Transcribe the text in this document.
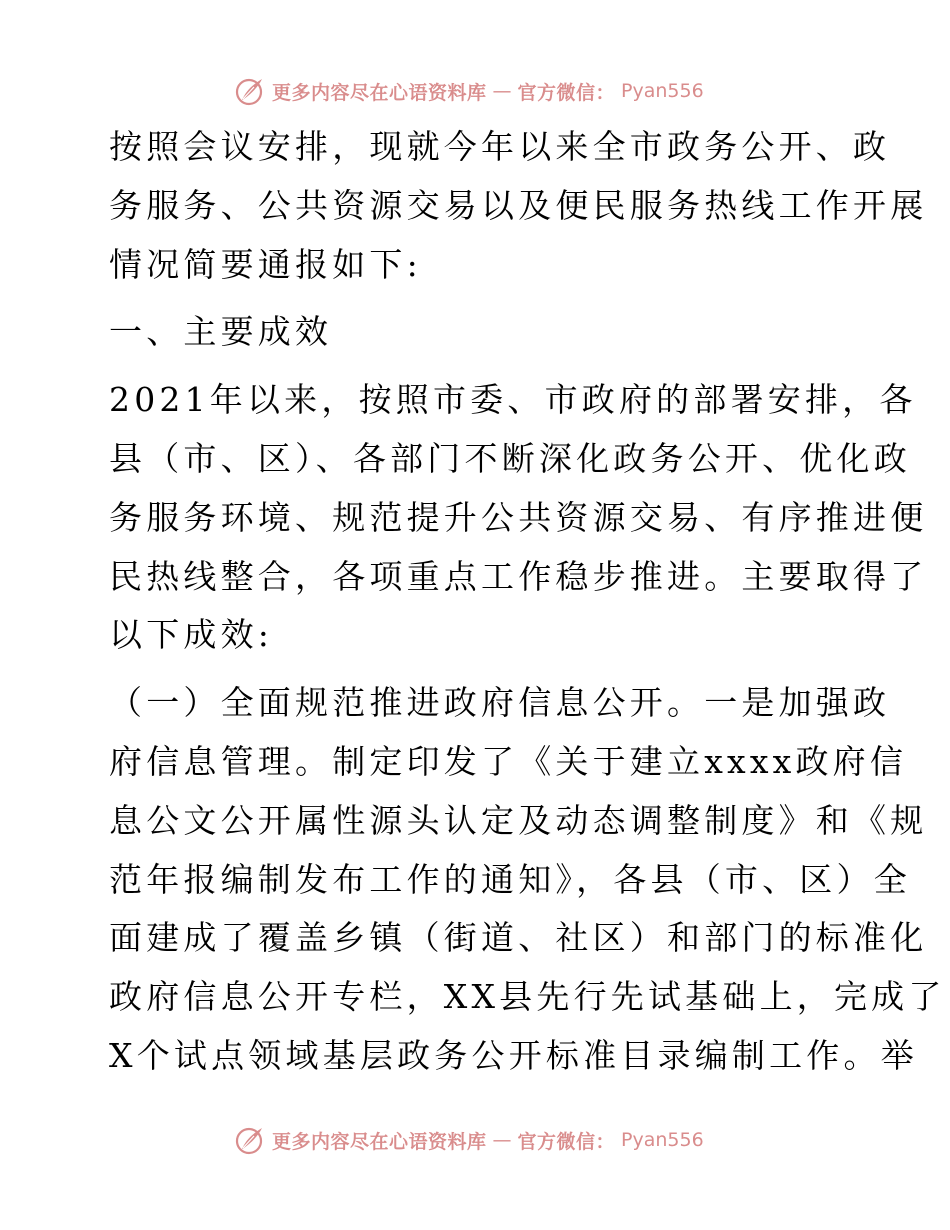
更多内容尽在心语资料库 — 官方微信： Pyan556

按照会议安排，现就今年以来全市政务公开、政
务服务、公共资源交易以及便民服务热线工作开展
情况简要通报如下:

一、主要成效

2021年以来，按照市委、市政府的部署安排，各
县（市、区）、各部门不断深化政务公开、优化政
务服务环境、规范提升公共资源交易、有序推进便
民热线整合，各项重点工作稳步推进。主要取得了
以下成效:

（一）全面规范推进政府信息公开。一是加强政
府信息管理。制定印发了《关于建立xxxx政府信
息公文公开属性源头认定及动态调整制度》和《规
范年报编制发布工作的通知》，各县（市、区）全
面建成了覆盖乡镇（街道、社区）和部门的标准化
政府信息公开专栏，XX县先行先试基础上，完成了
X个试点领域基层政务公开标准目录编制工作。举

更多内容尽在心语资料库 — 官方微信： Pyan556
